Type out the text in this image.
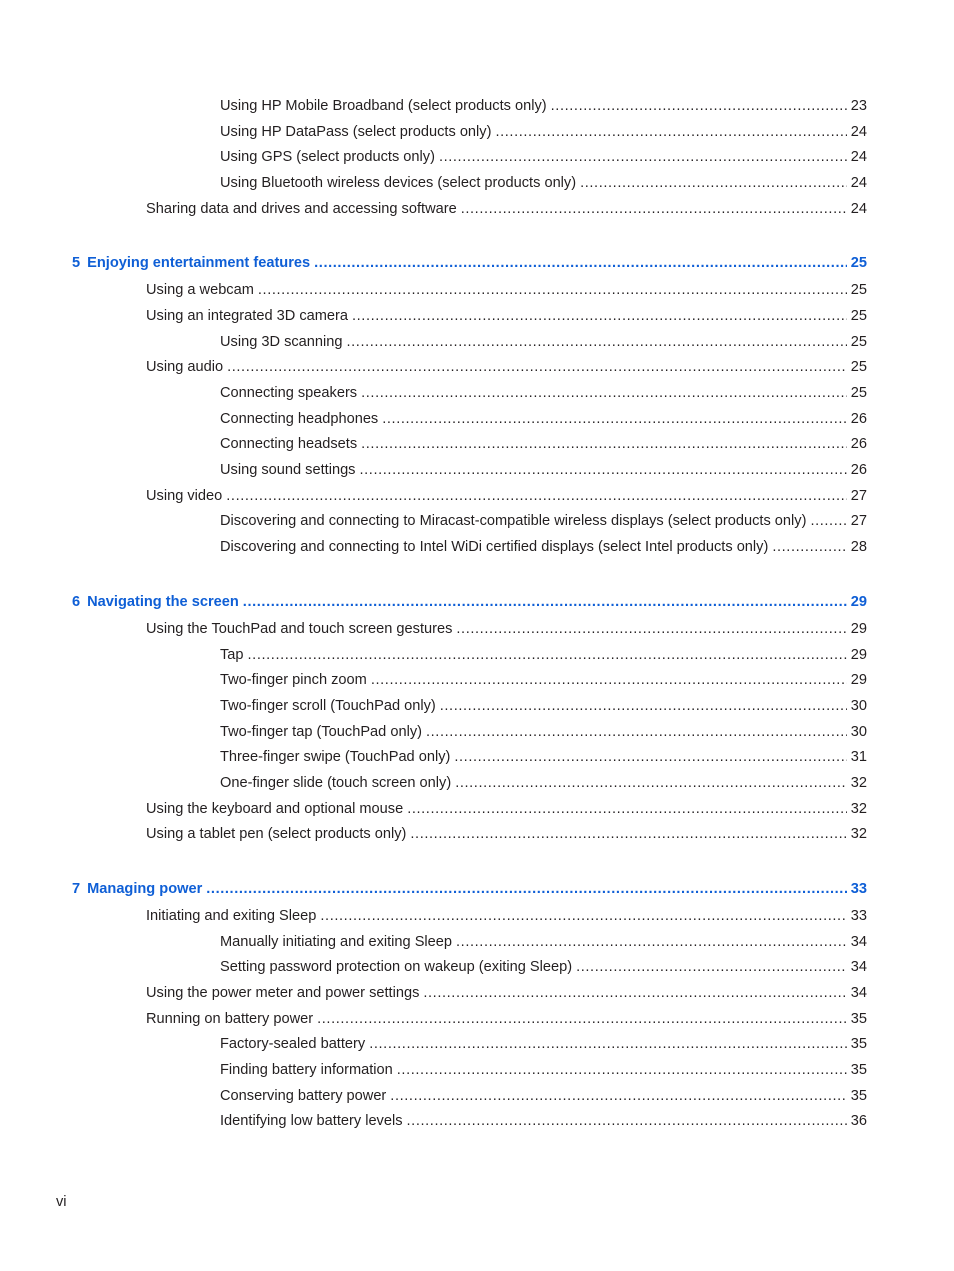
Using HP Mobile Broadband (select products only) .....	23
Using HP DataPass (select products only) .....	24
Using GPS (select products only) .....	24
Using Bluetooth wireless devices (select products only) .....	24
Sharing data and drives and accessing software .....	24
5 Enjoying entertainment features .....	25
Using a webcam .....	25
Using an integrated 3D camera .....	25
Using 3D scanning .....	25
Using audio .....	25
Connecting speakers .....	25
Connecting headphones .....	26
Connecting headsets .....	26
Using sound settings .....	26
Using video .....	27
Discovering and connecting to Miracast-compatible wireless displays (select products only) .....	27
Discovering and connecting to Intel WiDi certified displays (select Intel products only) .....	28
6 Navigating the screen .....	29
Using the TouchPad and touch screen gestures .....	29
Tap .....	29
Two-finger pinch zoom .....	29
Two-finger scroll (TouchPad only) .....	30
Two-finger tap (TouchPad only) .....	30
Three-finger swipe (TouchPad only) .....	31
One-finger slide (touch screen only) .....	32
Using the keyboard and optional mouse .....	32
Using a tablet pen (select products only) .....	32
7 Managing power .....	33
Initiating and exiting Sleep .....	33
Manually initiating and exiting Sleep .....	34
Setting password protection on wakeup (exiting Sleep) .....	34
Using the power meter and power settings .....	34
Running on battery power .....	35
Factory-sealed battery .....	35
Finding battery information .....	35
Conserving battery power .....	35
Identifying low battery levels .....	36
vi
